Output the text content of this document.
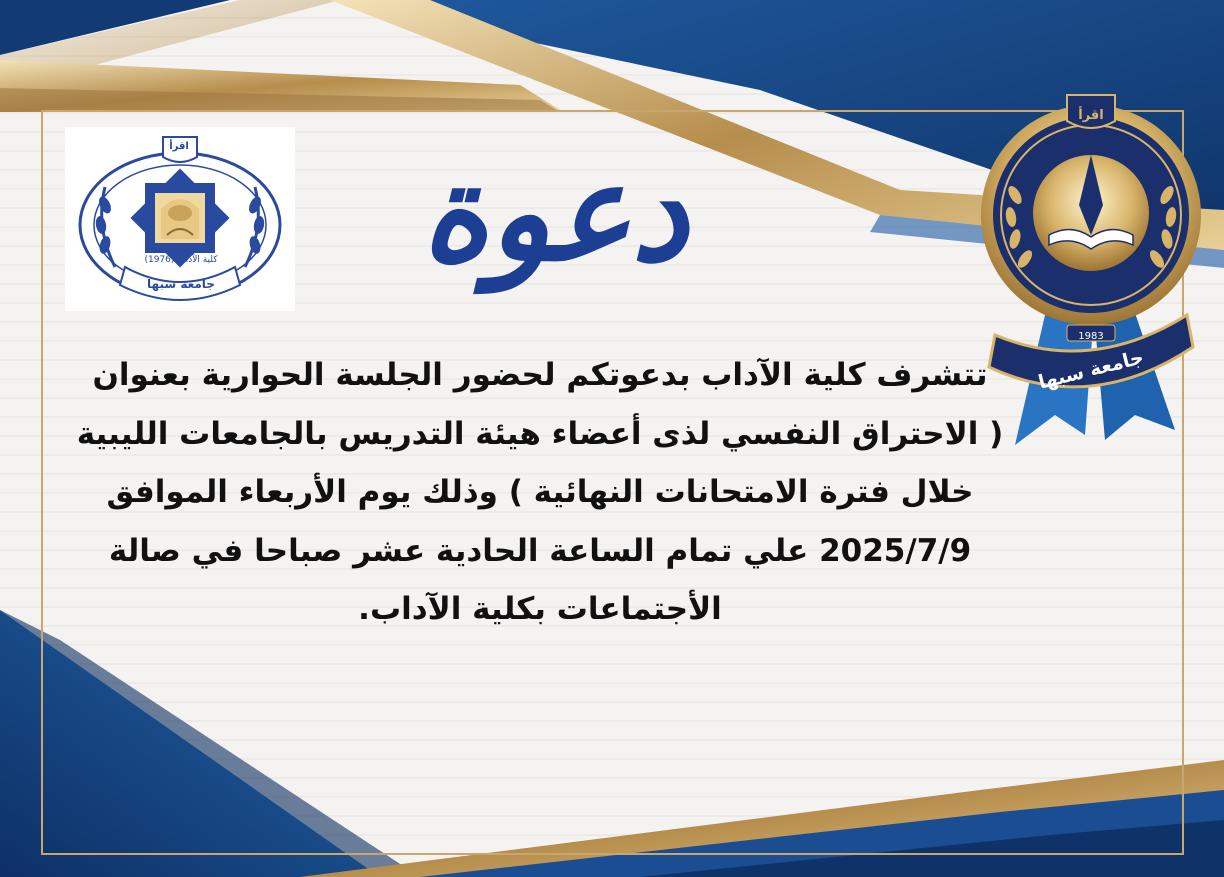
اقرأ
كلية الآداب (1976)
جامعة سبها دعوة
اقرأ
1983
جامعة سبها
تتشرف كلية الآداب بدعوتكم لحضور الجلسة الحوارية بعنوان
( الاحتراق النفسي لذى أعضاء هيئة التدريس بالجامعات الليبية
خلال فترة الامتحانات النهائية ) وذلك يوم الأربعاء الموافق
2025/7/9 علي تمام الساعة الحادية عشر صباحا في صالة
الأجتماعات بكلية الآداب.
